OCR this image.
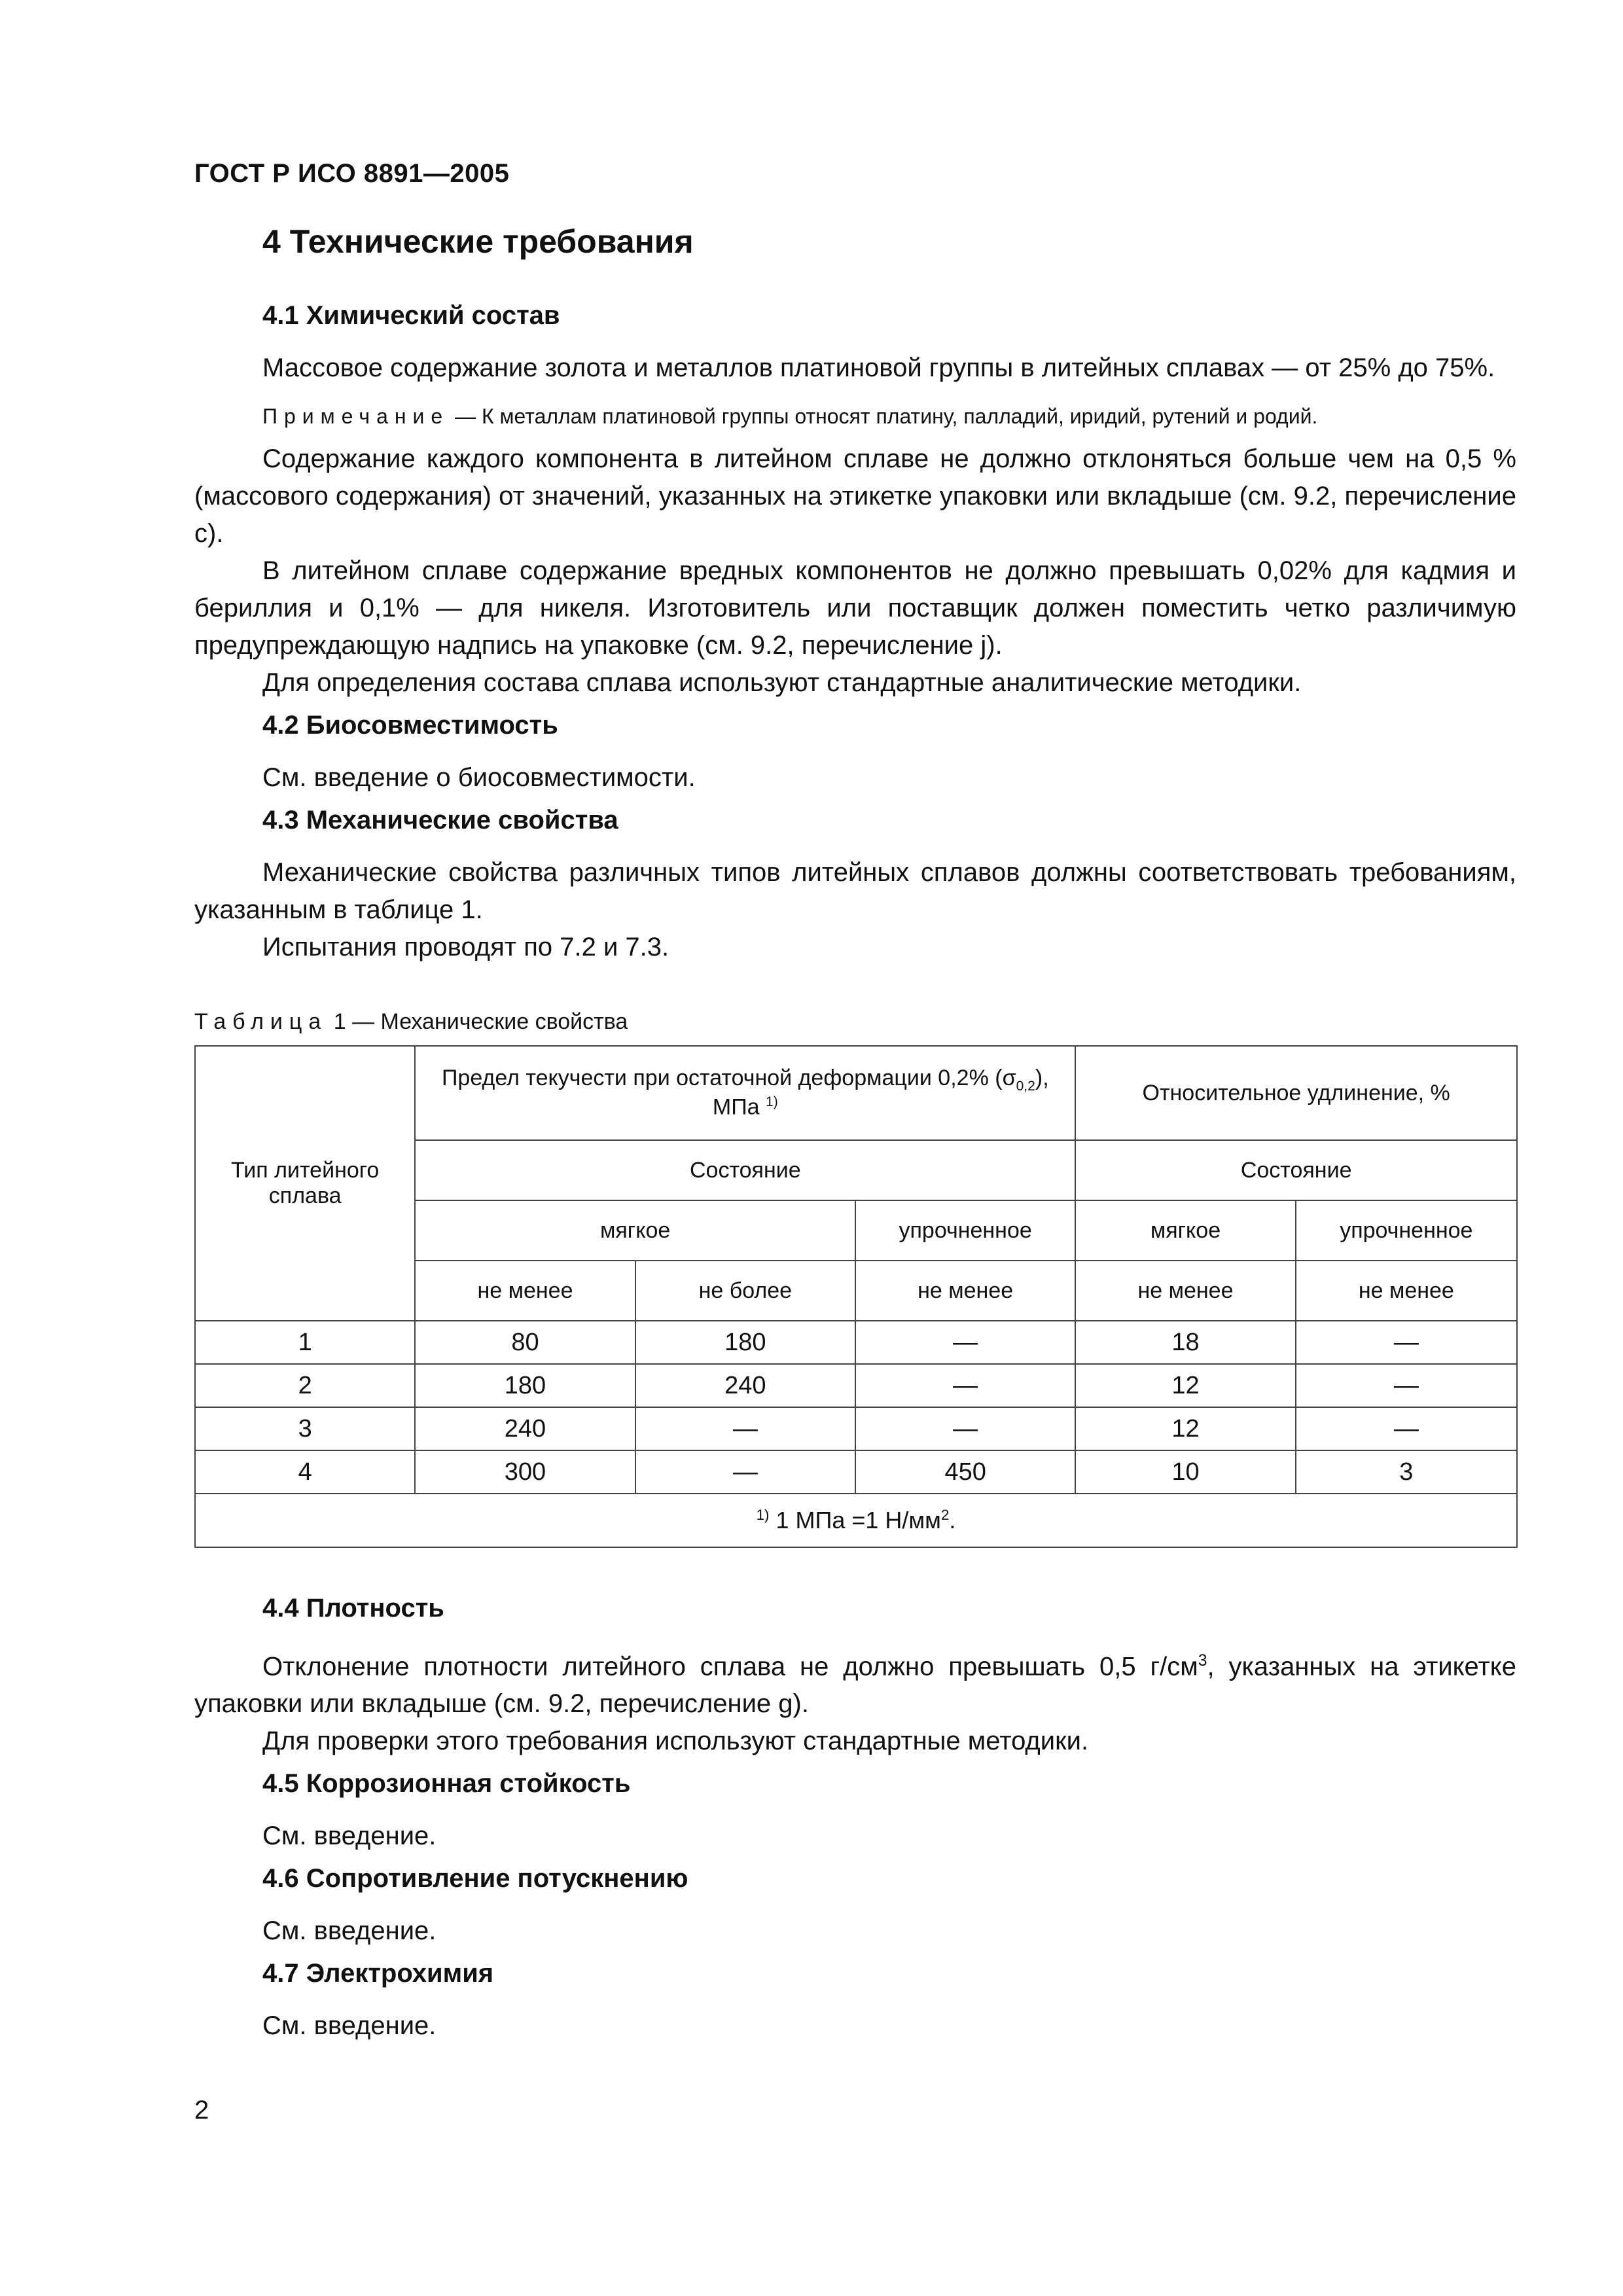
ГОСТ Р ИСО 8891—2005
4 Технические требования
4.1 Химический состав

Массовое содержание золота и металлов платиновой группы в литейных сплавах — от 25% до 75%.

Примечание — К металлам платиновой группы относят платину, палладий, иридий, рутений и родий.

Содержание каждого компонента в литейном сплаве не должно отклоняться больше чем на 0,5 % (массового содержания) от значений, указанных на этикетке упаковки или вкладыше (см. 9.2, перечисление с).

В литейном сплаве содержание вредных компонентов не должно превышать 0,02% для кадмия и бериллия и 0,1% — для никеля. Изготовитель или поставщик должен поместить четко различимую предупреждающую надпись на упаковке (см. 9.2, перечисление j).

Для определения состава сплава используют стандартные аналитические методики.

4.2 Биосовместимость

См. введение о биосовместимости.

4.3 Механические свойства

Механические свойства различных типов литейных сплавов должны соответствовать требованиям, указанным в таблице 1.

Испытания проводят по 7.2 и 7.3.

Таблица 1 — Механические свойства
Тип литейного сплава	Предел текучести при остаточной деформации 0,2% $(\sigma_{0,2})$,
МПа $^{1)}$			Относительное удлинение, %	
	Состояние			Состояние	
	мягкое		упрочненное	мягкое	упрочненное
	не менее	не более	не менее	не менее	не менее
1	80	180	—	18	—
2	180	240	—	12	—
3	240	—	—	12	—
4	300	—	450	10	3
$^{1)}$ 1 МПа =1 $Н/мм^2$.					
4.4 Плотность

Отклонение плотности литейного сплава не должно превышать 0,5 $г/см^3$, указанных на этикетке упаковки или вкладыше (см. 9.2, перечисление g).

Для проверки этого требования используют стандартные методики.

4.5 Коррозионная стойкость

См. введение.

4.6 Сопротивление потускнению

См. введение.

4.7 Электрохимия

См. введение.

2
